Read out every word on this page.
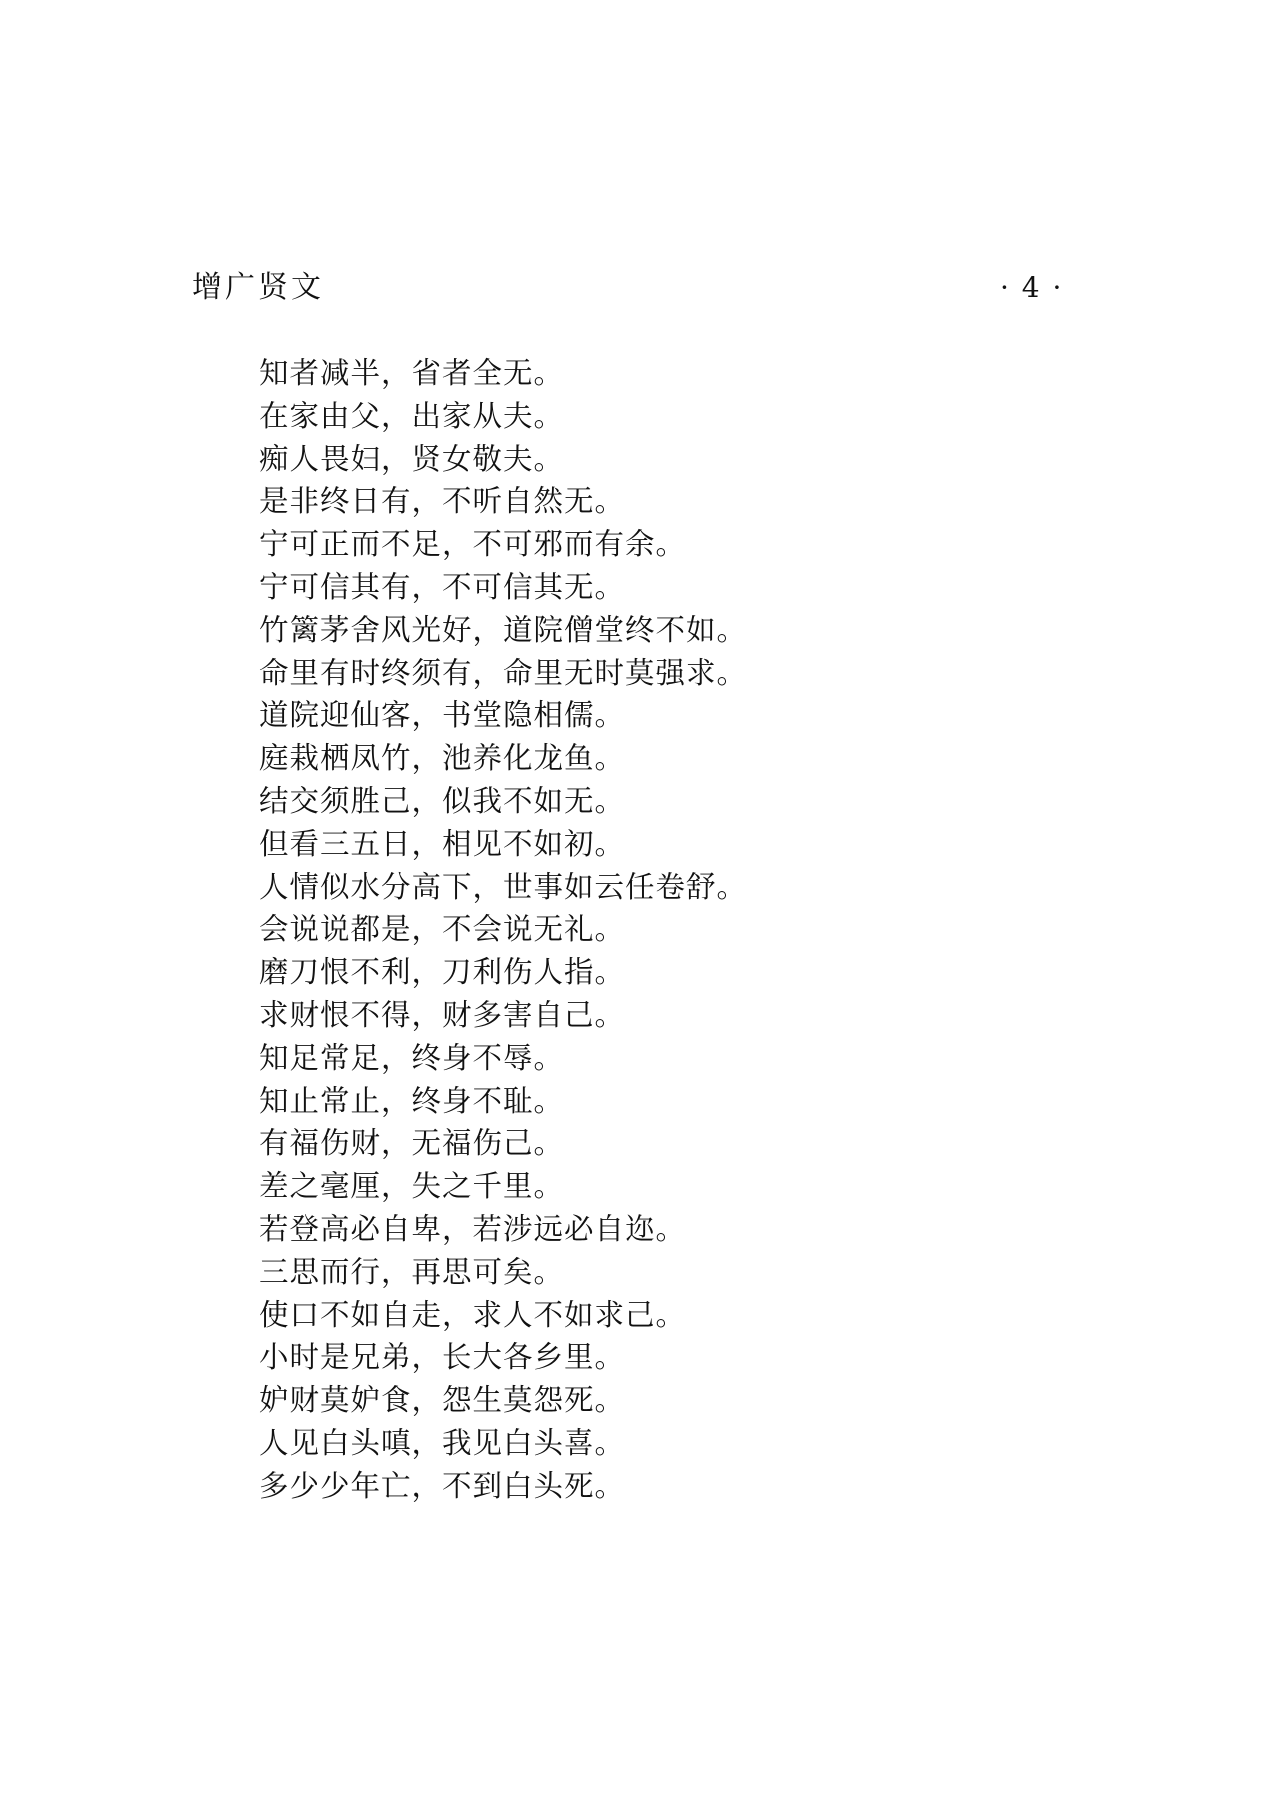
增广贤文	· 4 ·
知者减半，省者全无。
在家由父，出家从夫。
痴人畏妇，贤女敬夫。
是非终日有，不听自然无。
宁可正而不足，不可邪而有余。
宁可信其有，不可信其无。
竹篱茅舍风光好，道院僧堂终不如。
命里有时终须有，命里无时莫强求。
道院迎仙客，书堂隐相儒。
庭栽栖凤竹，池养化龙鱼。
结交须胜己，似我不如无。
但看三五日，相见不如初。
人情似水分高下，世事如云任卷舒。
会说说都是，不会说无礼。
磨刀恨不利，刀利伤人指。
求财恨不得，财多害自己。
知足常足，终身不辱。
知止常止，终身不耻。
有福伤财，无福伤己。
差之毫厘，失之千里。
若登高必自卑，若涉远必自迩。
三思而行，再思可矣。
使口不如自走，求人不如求己。
小时是兄弟，长大各乡里。
妒财莫妒食，怨生莫怨死。
人见白头嗔，我见白头喜。
多少少年亡，不到白头死。
